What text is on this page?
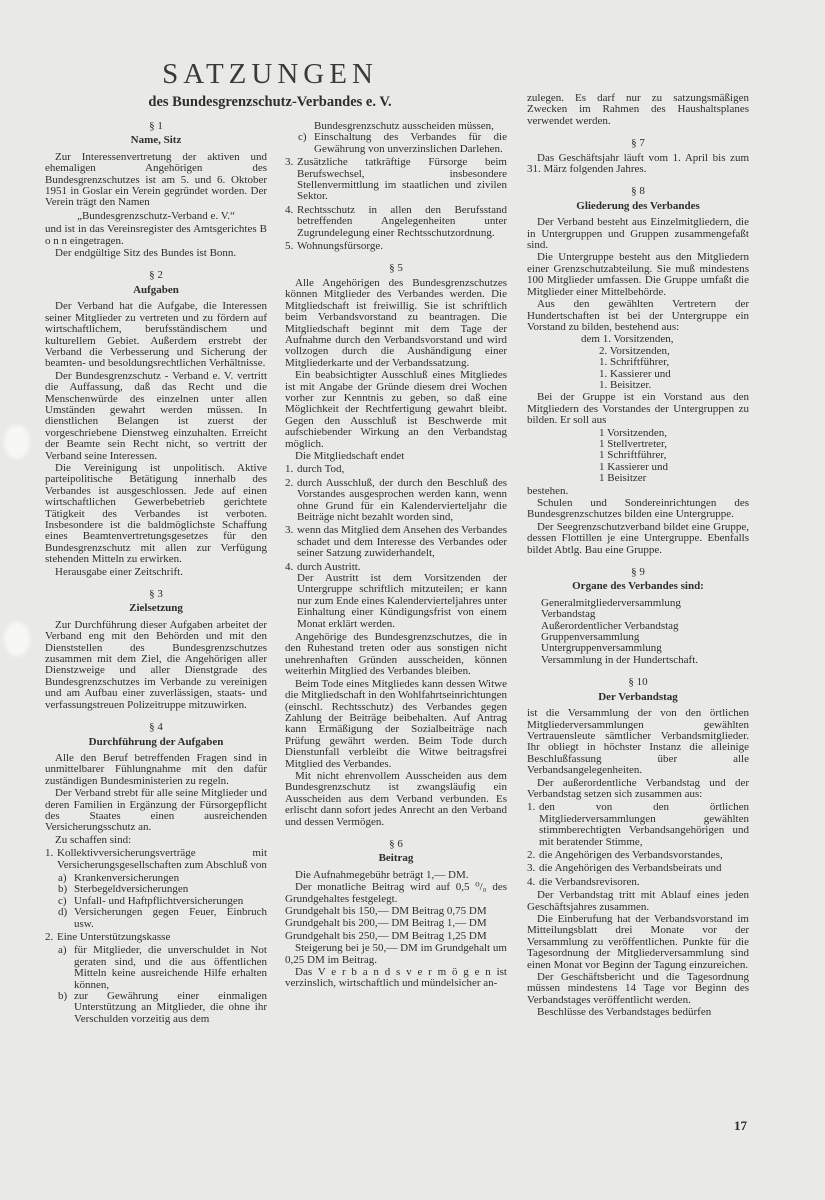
SATZUNGEN
des Bundesgrenzschutz-Verbandes e. V.
§ 1
Name, Sitz
Zur Interessenvertretung der aktiven und ehemaligen Angehörigen des Bundesgrenzschutzes ist am 5. und 6. Oktober 1951 in Goslar ein Verein gegründet worden. Der Verein trägt den Namen
„Bundesgrenzschutz-Verband e. V.“
und ist in das Vereinsregister des Amtsgerichtes B o n n eingetragen.
Der endgültige Sitz des Bundes ist Bonn.
§ 2
Aufgaben
Der Verband hat die Aufgabe, die Interessen seiner Mitglieder zu vertreten und zu fördern auf wirtschaftlichem, berufsständischem und kulturellem Gebiet. Außerdem erstrebt der Verband die Verbesserung und Sicherung der beamten- und besoldungsrechtlichen Verhältnisse.
Der Bundesgrenzschutz - Verband e. V. vertritt die Auffassung, daß das Recht und die Menschenwürde des einzelnen unter allen Umständen gewahrt werden müssen. In dienstlichen Belangen ist zuerst der vorgeschriebene Dienstweg einzuhalten. Erreicht der Beamte sein Recht nicht, so vertritt der Verband seine Interessen.
Die Vereinigung ist unpolitisch. Aktive parteipolitische Betätigung innerhalb des Verbandes ist ausgeschlossen. Jede auf einen wirtschaftlichen Gewerbebetrieb gerichtete Tätigkeit des Verbandes ist verboten. Insbesondere ist die baldmöglichste Schaffung eines Beamtenvertretungsgesetzes für den Bundesgrenzschutz mit allen zur Verfügung stehenden Mitteln zu erwirken.
Herausgabe einer Zeitschrift.
§ 3
Zielsetzung
Zur Durchführung dieser Aufgaben arbeitet der Verband eng mit den Behörden und mit den Dienststellen des Bundesgrenzschutzes zusammen mit dem Ziel, die Angehörigen aller Dienstzweige und aller Dienstgrade des Bundesgrenzschutzes im Verbande zu vereinigen und am Aufbau einer zuverlässigen, staats- und verfassungstreuen Polizeitruppe mitzuwirken.
§ 4
Durchführung der Aufgaben
Alle den Beruf betreffenden Fragen sind in unmittelbarer Fühlungnahme mit den dafür zuständigen Bundesministerien zu regeln.
Der Verband strebt für alle seine Mitglieder und deren Familien in Ergänzung der Fürsorgepflicht des Staates einen ausreichenden Versicherungsschutz an.
Zu schaffen sind:
1. Kollektivversicherungsverträge mit Versicherungsgesellschaften zum Abschluß von
a) Krankenversicherungen
b) Sterbegeldversicherungen
c) Unfall- und Haftpflichtversicherungen
d) Versicherungen gegen Feuer, Einbruch usw.
2. Eine Unterstützungskasse
a) für Mitglieder, die unverschuldet in Not geraten sind, und die aus öffentlichen Mitteln keine ausreichende Hilfe erhalten können,
b) zur Gewährung einer einmaligen Unterstützung an Mitglieder, die ohne ihr Verschulden vorzeitig aus dem
Bundesgrenzschutz ausscheiden müssen,
c) Einschaltung des Verbandes für die Gewährung von unverzinslichen Darlehen.
3. Zusätzliche tatkräftige Fürsorge beim Berufswechsel, insbesondere Stellenvermittlung im staatlichen und zivilen Sektor.
4. Rechtsschutz in allen den Berufsstand betreffenden Angelegenheiten unter Zugrundelegung einer Rechtsschutzordnung.
5. Wohnungsfürsorge.
§ 5
Alle Angehörigen des Bundesgrenzschutzes können Mitglieder des Verbandes werden. Die Mitgliedschaft ist freiwillig. Sie ist schriftlich beim Verbandsvorstand zu beantragen. Die Mitgliedschaft beginnt mit dem Tage der Aufnahme durch den Verbandsvorstand und wird vollzogen durch die Aushändigung einer Mitgliederkarte und der Verbandssatzung.
Ein beabsichtigter Ausschluß eines Mitgliedes ist mit Angabe der Gründe diesem drei Wochen vorher zur Kenntnis zu geben, so daß eine Möglichkeit der Rechtfertigung gewahrt bleibt. Gegen den Ausschluß ist Beschwerde mit aufschiebender Wirkung an den Verbandstag möglich.
Die Mitgliedschaft endet
1. durch Tod,
2. durch Ausschluß, der durch den Beschluß des Vorstandes ausgesprochen werden kann, wenn ohne Grund für ein Kalendervierteljahr die Beiträge nicht bezahlt worden sind,
3. wenn das Mitglied dem Ansehen des Verbandes schadet und dem Interesse des Verbandes oder seiner Satzung zuwiderhandelt,
4. durch Austritt.
Der Austritt ist dem Vorsitzenden der Untergruppe schriftlich mitzuteilen; er kann nur zum Ende eines Kalendervierteljahres unter Einhaltung einer Kündigungsfrist von einem Monat erklärt werden.
Angehörige des Bundesgrenzschutzes, die in den Ruhestand treten oder aus sonstigen nicht unehrenhaften Gründen ausscheiden, können weiterhin Mitglied des Verbandes bleiben.
Beim Tode eines Mitgliedes kann dessen Witwe die Mitgliedschaft in den Wohlfahrtseinrichtungen (einschl. Rechtsschutz) des Verbandes gegen Zahlung der Beiträge beibehalten. Auf Antrag kann Ermäßigung der Sozialbeiträge nach Prüfung gewährt werden. Beim Tode durch Dienstunfall verbleibt die Witwe beitragsfrei Mitglied des Verbandes.
Mit nicht ehrenvollem Ausscheiden aus dem Bundesgrenzschutz ist zwangsläufig ein Ausscheiden aus dem Verband verbunden. Es erlischt dann sofort jedes Anrecht an den Verband und dessen Vermögen.
§ 6
Beitrag
Die Aufnahmegebühr beträgt 1,— DM.
Der monatliche Beitrag wird auf 0,5 ⁰/₀ des Grundgehaltes festgelegt.
Grundgehalt bis 150,— DM Beitrag 0,75 DM
Grundgehalt bis 200,— DM Beitrag 1,— DM
Grundgehalt bis 250,— DM Beitrag 1,25 DM
Steigerung bei je 50,— DM im Grundgehalt um 0,25 DM im Beitrag.
Das V e r b a n d s v e r m ö g e n ist verzinslich, wirtschaftlich und mündelsicher an-
zulegen. Es darf nur zu satzungsmäßigen Zwecken im Rahmen des Haushaltsplanes verwendet werden.
§ 7
Das Geschäftsjahr läuft vom 1. April bis zum 31. März folgenden Jahres.
§ 8
Gliederung des Verbandes
Der Verband besteht aus Einzelmitgliedern, die in Untergruppen und Gruppen zusammengefaßt sind.
Die Untergruppe besteht aus den Mitgliedern einer Grenzschutzabteilung. Sie muß mindestens 100 Mitglieder umfassen. Die Gruppe umfaßt die Mitglieder einer Mittelbehörde.
Aus den gewählten Vertretern der Hundertschaften ist bei der Untergruppe ein Vorstand zu bilden, bestehend aus:
dem 1. Vorsitzenden,
2. Vorsitzenden,
1. Schriftführer,
1. Kassierer und
1. Beisitzer.
Bei der Gruppe ist ein Vorstand aus den Mitgliedern des Vorstandes der Untergruppen zu bilden. Er soll aus
1 Vorsitzenden,
1 Stellvertreter,
1 Schriftführer,
1 Kassierer und
1 Beisitzer
bestehen.
Schulen und Sondereinrichtungen des Bundesgrenzschutzes bilden eine Untergruppe.
Der Seegrenzschutzverband bildet eine Gruppe, dessen Flottillen je eine Untergruppe. Ebenfalls bildet Abtlg. Bau eine Gruppe.
§ 9
Organe des Verbandes sind:
Generalmitgliederversammlung
Verbandstag
Außerordentlicher Verbandstag
Gruppenversammlung
Untergruppenversammlung
Versammlung in der Hundertschaft.
§ 10
Der Verbandstag
ist die Versammlung der von den örtlichen Mitgliederversammlungen gewählten Vertrauensleute sämtlicher Verbandsmitglieder. Ihr obliegt in höchster Instanz die alleinige Beschlußfassung über alle Verbandsangelegenheiten.
Der außerordentliche Verbandstag und der Verbandstag setzen sich zusammen aus:
1. den von den örtlichen Mitgliederversammlungen gewählten stimmberechtigten Verbandsangehörigen und mit beratender Stimme,
2. die Angehörigen des Verbandsvorstandes,
3. die Angehörigen des Verbandsbeirats und
4. die Verbandsrevisoren.
Der Verbandstag tritt mit Ablauf eines jeden Geschäftsjahres zusammen.
Die Einberufung hat der Verbandsvorstand im Mitteilungsblatt drei Monate vor der Versammlung zu veröffentlichen. Punkte für die Tagesordnung der Mitgliederversammlung sind einen Monat vor Beginn der Tagung einzureichen.
Der Geschäftsbericht und die Tagesordnung müssen mindestens 14 Tage vor Beginn des Verbandstages veröffentlicht werden.
Beschlüsse des Verbandstages bedürfen
17
